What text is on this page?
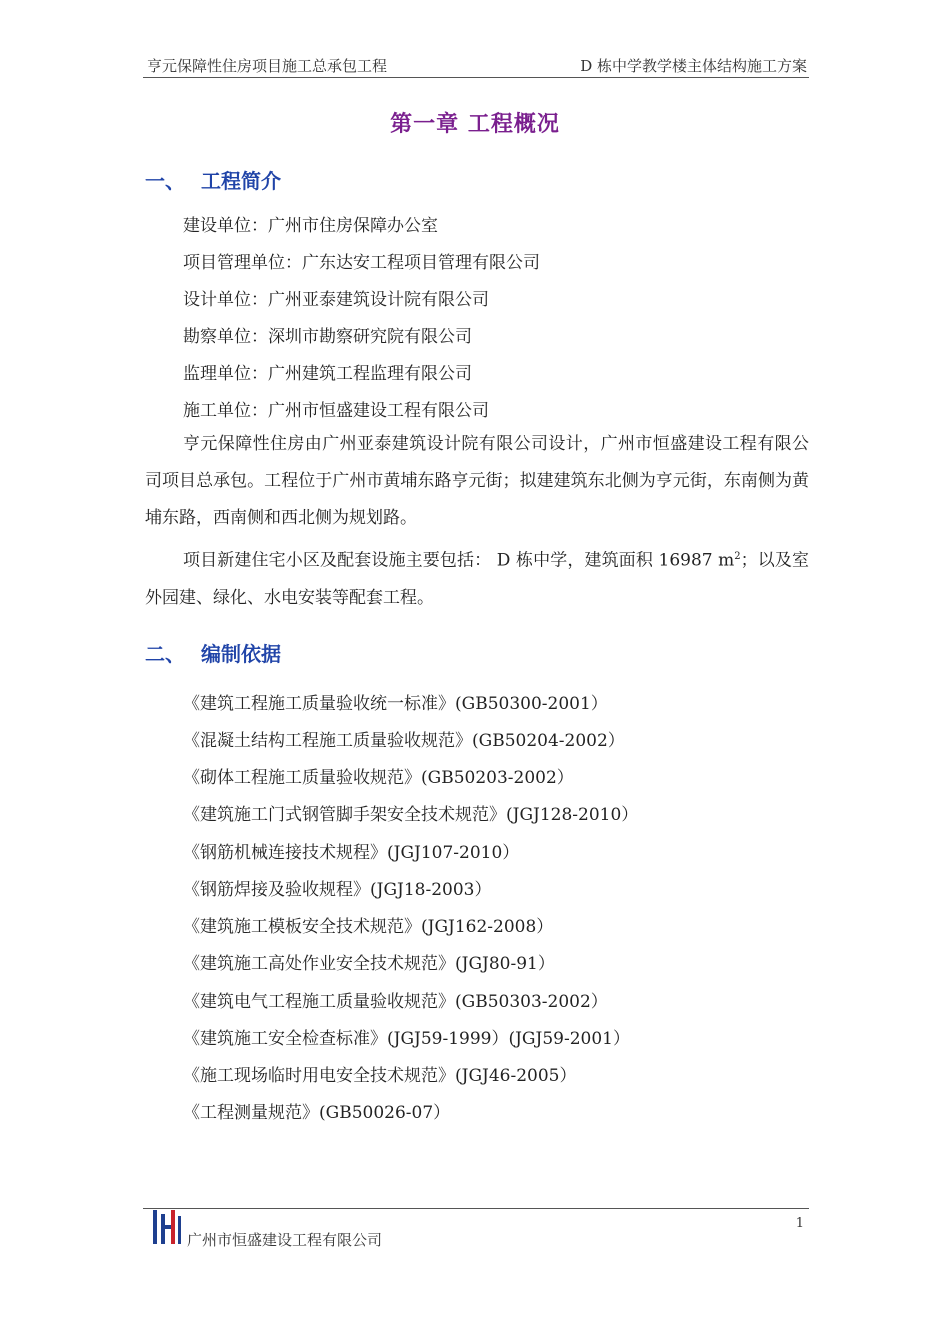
亨元保障性住房项目施工总承包工程	D 栋中学教学楼主体结构施工方案
第一章 工程概况
一、 工程简介
建设单位：广州市住房保障办公室
项目管理单位：广东达安工程项目管理有限公司
设计单位：广州亚泰建筑设计院有限公司
勘察单位：深圳市勘察研究院有限公司
监理单位：广州建筑工程监理有限公司
施工单位：广州市恒盛建设工程有限公司
亨元保障性住房由广州亚泰建筑设计院有限公司设计，广州市恒盛建设工程有限公司项目总承包。工程位于广州市黄埔东路亨元街；拟建建筑东北侧为亨元街，东南侧为黄埔东路，西南侧和西北侧为规划路。
项目新建住宅小区及配套设施主要包括： D 栋中学，建筑面积 16987 $m^2$；以及室外园建、绿化、水电安装等配套工程。
二、 编制依据
《建筑工程施工质量验收统一标准》(GB50300-2001）
《混凝土结构工程施工质量验收规范》(GB50204-2002）
《砌体工程施工质量验收规范》(GB50203-2002）
《建筑施工门式钢管脚手架安全技术规范》(JGJ128-2010）
《钢筋机械连接技术规程》(JGJ107-2010）
《钢筋焊接及验收规程》(JGJ18-2003）
《建筑施工模板安全技术规范》(JGJ162-2008）
《建筑施工高处作业安全技术规范》(JGJ80-91）
《建筑电气工程施工质量验收规范》(GB50303-2002）
《建筑施工安全检查标准》(JGJ59-1999）(JGJ59-2001）
《施工现场临时用电安全技术规范》(JGJ46-2005）
《工程测量规范》(GB50026-07）
1
广州市恒盛建设工程有限公司
